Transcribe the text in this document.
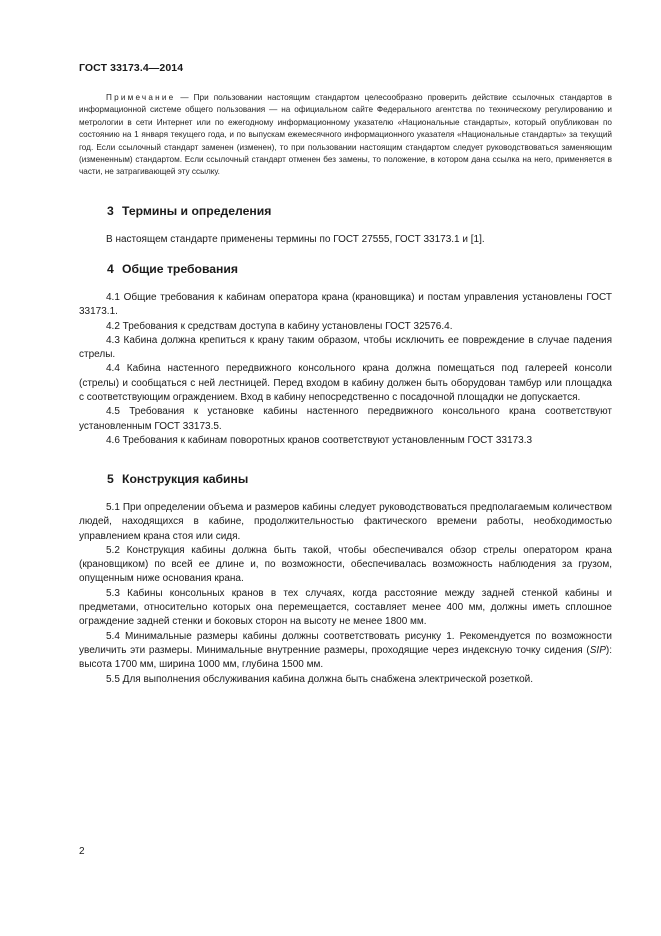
ГОСТ 33173.4—2014

Примечание — При пользовании настоящим стандартом целесообразно проверить действие ссылочных стандартов в информационной системе общего пользования — на официальном сайте Федерального агентства по техническому регулированию и метрологии в сети Интернет или по ежегодному информационному указателю «Национальные стандарты», который опубликован по состоянию на 1 января текущего года, и по выпускам ежемесячного информационного указателя «Национальные стандарты» за текущий год. Если ссылочный стандарт заменен (изменен), то при пользовании настоящим стандартом следует руководствоваться заменяющим (измененным) стандартом. Если ссылочный стандарт отменен без замены, то положение, в котором дана ссылка на него, применяется в части, не затрагивающей эту ссылку.

3 Термины и определения

В настоящем стандарте применены термины по ГОСТ 27555, ГОСТ 33173.1 и [1].

4 Общие требования

4.1 Общие требования к кабинам оператора крана (крановщика) и постам управления установлены ГОСТ 33173.1.

4.2 Требования к средствам доступа в кабину установлены ГОСТ 32576.4.

4.3 Кабина должна крепиться к крану таким образом, чтобы исключить ее повреждение в случае падения стрелы.

4.4 Кабина настенного передвижного консольного крана должна помещаться под галереей консоли (стрелы) и сообщаться с ней лестницей. Перед входом в кабину должен быть оборудован тамбур или площадка с соответствующим ограждением. Вход в кабину непосредственно с посадочной площадки не допускается.

4.5 Требования к установке кабины настенного передвижного консольного крана соответствуют установленным ГОСТ 33173.5.

4.6 Требования к кабинам поворотных кранов соответствуют установленным ГОСТ 33173.3

5 Конструкция кабины

5.1 При определении объема и размеров кабины следует руководствоваться предполагаемым количеством людей, находящихся в кабине, продолжительностью фактического времени работы, необходимостью управлением крана стоя или сидя.

5.2 Конструкция кабины должна быть такой, чтобы обеспечивался обзор стрелы оператором крана (крановщиком) по всей ее длине и, по возможности, обеспечивалась возможность наблюдения за грузом, опущенным ниже основания крана.

5.3 Кабины консольных кранов в тех случаях, когда расстояние между задней стенкой кабины и предметами, относительно которых она перемещается, составляет менее 400 мм, должны иметь сплошное ограждение задней стенки и боковых сторон на высоту не менее 1800 мм.

5.4 Минимальные размеры кабины должны соответствовать рисунку 1. Рекомендуется по возможности увеличить эти размеры. Минимальные внутренние размеры, проходящие через индексную точку сидения (SIP): высота 1700 мм, ширина 1000 мм, глубина 1500 мм.

5.5 Для выполнения обслуживания кабина должна быть снабжена электрической розеткой.

2
